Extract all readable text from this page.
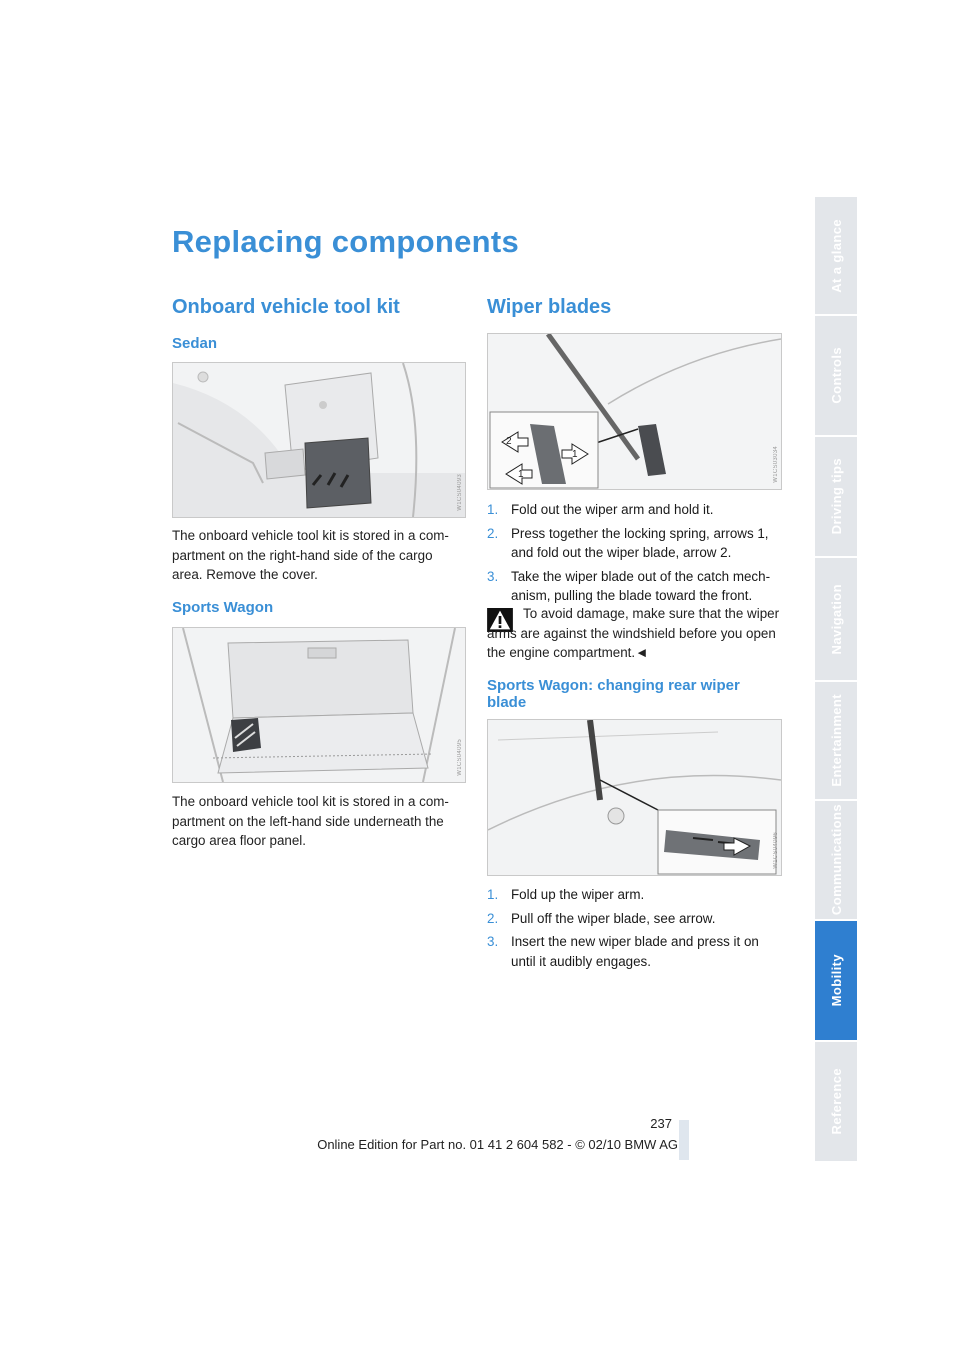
Replacing components
Onboard vehicle tool kit
Sedan
W1CS04093
The onboard vehicle tool kit is stored in a com-partment on the right-hand side of the cargo area. Remove the cover.
Sports Wagon
W1CS04095
The onboard vehicle tool kit is stored in a com-partment on the left-hand side underneath the cargo area floor panel.
Wiper blades
2
1
1	W1CS03034
1. Fold out the wiper arm and hold it.
2. Press together the locking spring, arrows 1, and fold out the wiper blade, arrow 2.
3. Take the wiper blade out of the catch mech-anism, pulling the blade toward the front.
To avoid damage, make sure that the wiper arms are against the windshield before you open the engine compartment.◄
Sports Wagon: changing rear wiper blade
W1CS04096
1. Fold up the wiper arm.
2. Pull off the wiper blade, see arrow.
3. Insert the new wiper blade and press it on until it audibly engages.
At a glance
Controls
Driving tips
Navigation
Entertainment
Communications
Mobility
Reference
237
Online Edition for Part no. 01 41 2 604 582 - © 02/10 BMW AG
